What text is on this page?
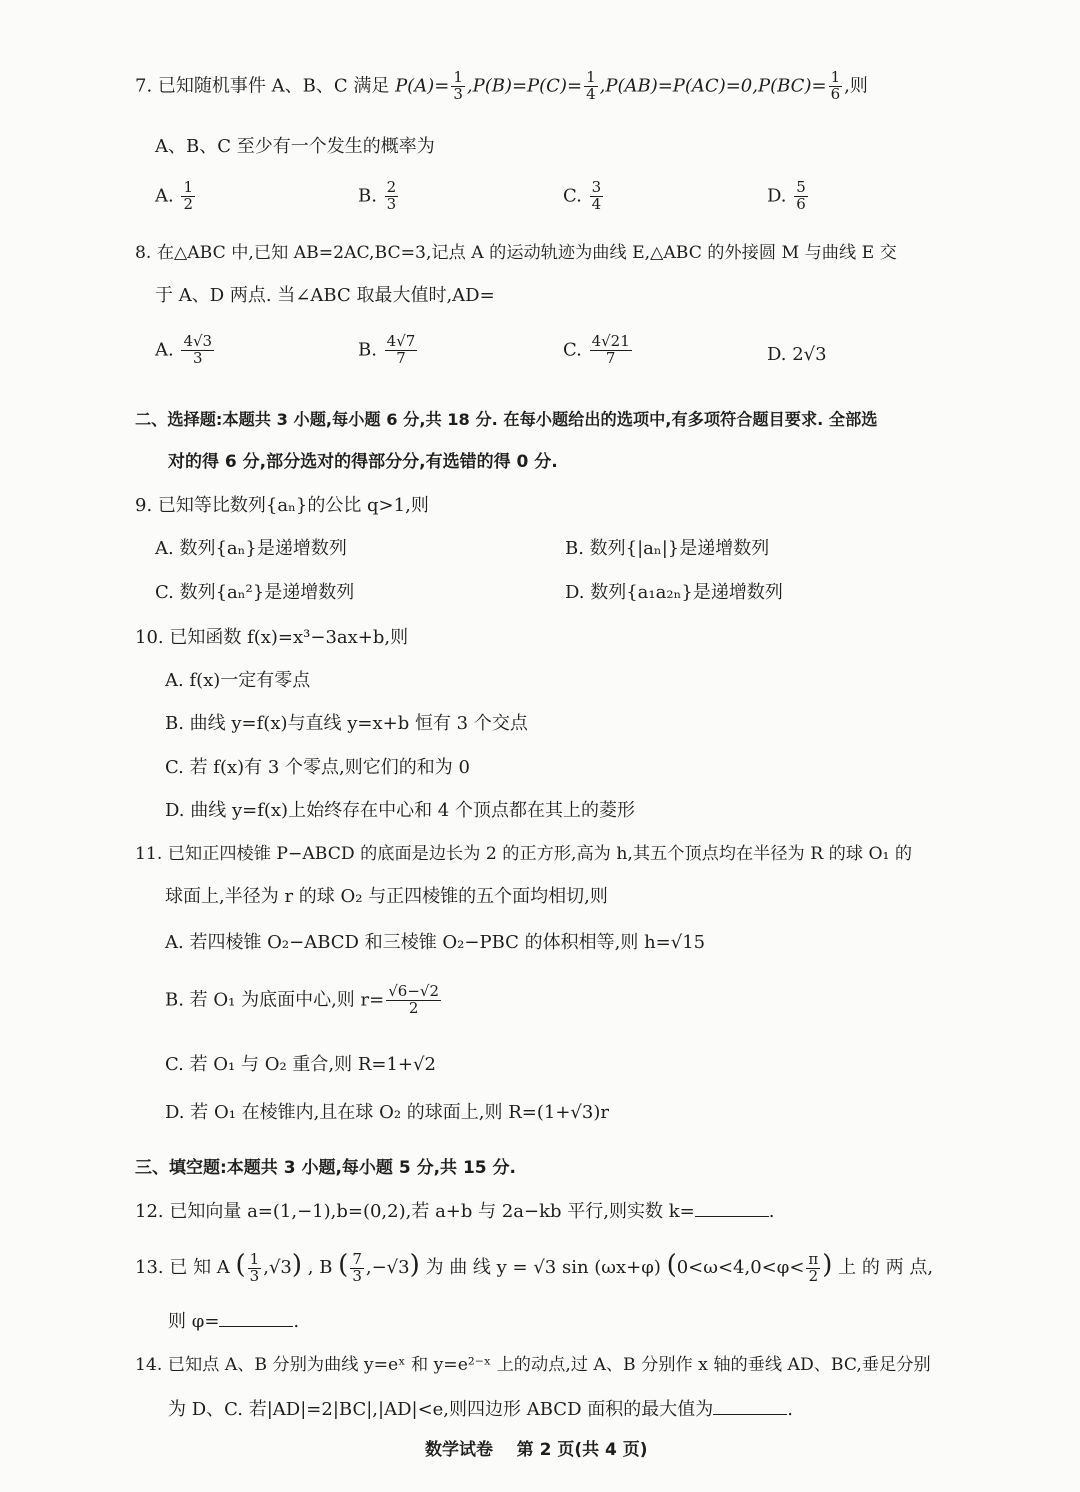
7. 已知随机事件 A、B、C 满足 $P(A)= \frac{1}{3} ,P(B)=P(C)= \frac{1}{4} ,P(AB)=P(AC)=0,P(BC)= \frac{1}{6}$ ,则
A、B、C 至少有一个发生的概率为
A. $\frac{1}{2}$	B. $\frac{2}{3}$	C. $\frac{3}{4}$	D. $\frac{5}{6}$
8. 在△ABC 中,已知 AB=2AC,BC=3,记点 A 的运动轨迹为曲线 E,△ABC 的外接圆 M 与曲线 E 交
于 A、D 两点. 当∠ABC 取最大值时,AD=
A. $\frac{4√3}{3}$	B. $\frac{4√7}{7}$	C. $\frac{4√21}{7}$	D. 2√3
二、选择题:本题共 3 小题,每小题 6 分,共 18 分. 在每小题给出的选项中,有多项符合题目要求. 全部选
对的得 6 分,部分选对的得部分分,有选错的得 0 分.
9. 已知等比数列{aₙ}的公比 q>1,则
A. 数列{aₙ}是递增数列	B. 数列{|aₙ|}是递增数列
C. 数列{aₙ²}是递增数列	D. 数列{a₁a₂ₙ}是递增数列
10. 已知函数 f(x)=x³−3ax+b,则
A. f(x)一定有零点
B. 曲线 y=f(x)与直线 y=x+b 恒有 3 个交点
C. 若 f(x)有 3 个零点,则它们的和为 0
D. 曲线 y=f(x)上始终存在中心和 4 个顶点都在其上的菱形
11. 已知正四棱锥 P−ABCD 的底面是边长为 2 的正方形,高为 h,其五个顶点均在半径为 R 的球 O₁ 的
球面上,半径为 r 的球 O₂ 与正四棱锥的五个面均相切,则
A. 若四棱锥 O₂−ABCD 和三棱锥 O₂−PBC 的体积相等,则 h=√15
B. 若 O₁ 为底面中心,则 $r= \frac{√6-√2}{2}$
C. 若 O₁ 与 O₂ 重合,则 R=1+√2
D. 若 O₁ 在棱锥内,且在球 O₂ 的球面上,则 R=(1+√3)r
三、填空题:本题共 3 小题,每小题 5 分,共 15 分.
12. 已知向量 a=(1,−1),b=(0,2),若 a+b 与 2a−kb 平行,则实数 k=	.
13. 已 知 A ( $\frac{1}{3} ,√3$) , B ( $\frac{7}{3} ,-√3$) 为 曲 线 y = √3 sin (ωx+φ) ($0<\omega<4,0<\varphi< \frac{\pi}{2}$ ) 上 的 两 点,
则 φ=	.
14. 已知点 A、B 分别为曲线 y=eˣ 和 y=e²⁻ˣ 上的动点,过 A、B 分别作 x 轴的垂线 AD、BC,垂足分别
为 D、C. 若|AD|=2|BC|,|AD|<e,则四边形 ABCD 面积的最大值为	.
数学试卷    第 2 页(共 4 页)
